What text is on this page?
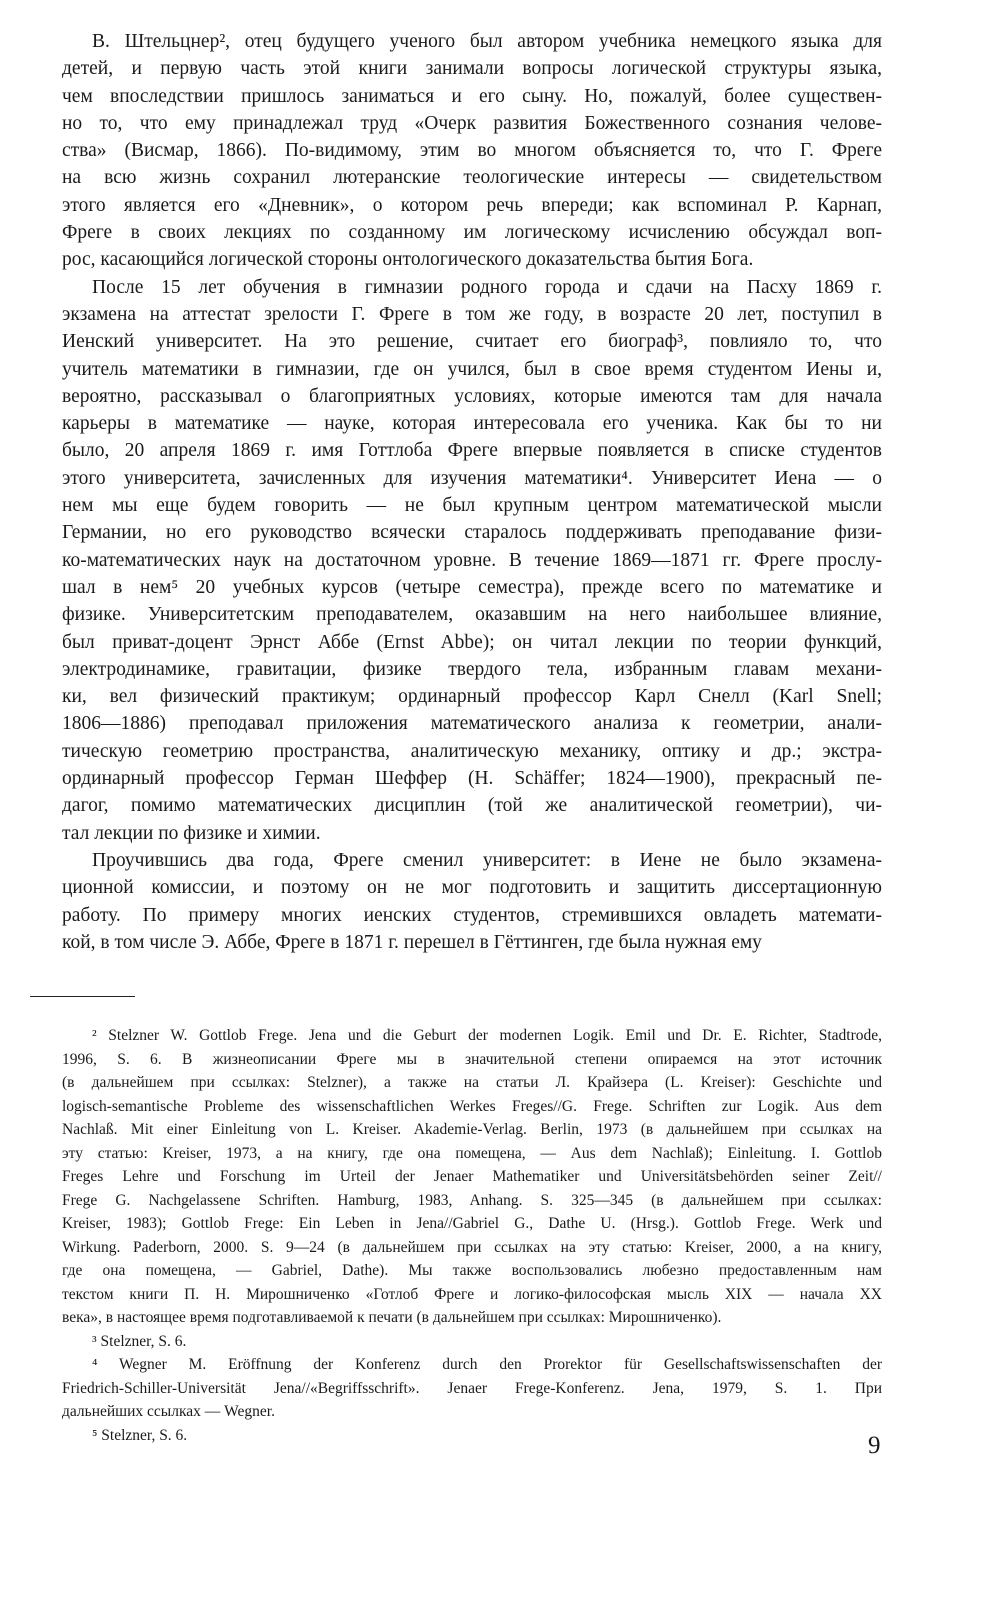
В. Штельцнер², отец будущего ученого был автором учебника немецкого языка для
детей, и первую часть этой книги занимали вопросы логической структуры языка,
чем впоследствии пришлось заниматься и его сыну. Но, пожалуй, более существен-
но то, что ему принадлежал труд «Очерк развития Божественного сознания челове-
ства» (Висмар, 1866). По-видимому, этим во многом объясняется то, что Г. Фреге
на всю жизнь сохранил лютеранские теологические интересы — свидетельством
этого является его «Дневник», о котором речь впереди; как вспоминал Р. Карнап,
Фреге в своих лекциях по созданному им логическому исчислению обсуждал воп-
рос, касающийся логической стороны онтологического доказательства бытия Бога.
После 15 лет обучения в гимназии родного города и сдачи на Пасху 1869 г.
экзамена на аттестат зрелости Г. Фреге в том же году, в возрасте 20 лет, поступил в
Иенский университет. На это решение, считает его биограф³, повлияло то, что
учитель математики в гимназии, где он учился, был в свое время студентом Иены и,
вероятно, рассказывал о благоприятных условиях, которые имеются там для начала
карьеры в математике — науке, которая интересовала его ученика. Как бы то ни
было, 20 апреля 1869 г. имя Готтлоба Фреге впервые появляется в списке студентов
этого университета, зачисленных для изучения математики⁴. Университет Иена — о
нем мы еще будем говорить — не был крупным центром математической мысли
Германии, но его руководство всячески старалось поддерживать преподавание физи-
ко-математических наук на достаточном уровне. В течение 1869—1871 гг. Фреге прослу-
шал в нем⁵ 20 учебных курсов (четыре семестра), прежде всего по математике и
физике. Университетским преподавателем, оказавшим на него наибольшее влияние,
был приват-доцент Эрнст Аббе (Ernst Abbe); он читал лекции по теории функций,
электродинамике, гравитации, физике твердого тела, избранным главам механи-
ки, вел физический практикум; ординарный профессор Карл Снелл (Karl Snell;
1806—1886) преподавал приложения математического анализа к геометрии, анали-
тическую геометрию пространства, аналитическую механику, оптику и др.; экстра-
ординарный профессор Герман Шеффер (H. Schäffer; 1824—1900), прекрасный пе-
дагог, помимо математических дисциплин (той же аналитической геометрии), чи-
тал лекции по физике и химии.
Проучившись два года, Фреге сменил университет: в Иене не было экзамена-
ционной комиссии, и поэтому он не мог подготовить и защитить диссертационную
работу. По примеру многих иенских студентов, стремившихся овладеть математи-
кой, в том числе Э. Аббе, Фреге в 1871 г. перешел в Гёттинген, где была нужная ему
² Stelzner W. Gottlob Frege. Jena und die Geburt der modernen Logik. Emil und Dr. E. Richter, Stadtrode,
1996, S. 6. В жизнеописании Фреге мы в значительной степени опираемся на этот источник
(в дальнейшем при ссылках: Stelzner), а также на статьи Л. Крайзера (L. Kreiser): Geschichte und
logisch-semantische Probleme des wissenschaftlichen Werkes Freges//G. Frege. Schriften zur Logik. Aus dem
Nachlaß. Mit einer Einleitung von L. Kreiser. Akademie-Verlag. Berlin, 1973 (в дальнейшем при ссылках на
эту статью: Kreiser, 1973, а на книгу, где она помещена, — Aus dem Nachlaß); Einleitung. I. Gottlob
Freges Lehre und Forschung im Urteil der Jenaer Mathematiker und Universitätsbehörden seiner Zeit//
Frege G. Nachgelassene Schriften. Hamburg, 1983, Anhang. S. 325—345 (в дальнейшем при ссылках:
Kreiser, 1983); Gottlob Frege: Ein Leben in Jena//Gabriel G., Dathe U. (Hrsg.). Gottlob Frege. Werk und
Wirkung. Paderborn, 2000. S. 9—24 (в дальнейшем при ссылках на эту статью: Kreiser, 2000, а на книгу,
где она помещена, — Gabriel, Dathe). Мы также воспользовались любезно предоставленным нам
текстом книги П. Н. Мирошниченко «Готлоб Фреге и логико-философская мысль XIX — начала XX
века», в настоящее время подготавливаемой к печати (в дальнейшем при ссылках: Мирошниченко).
³ Stelzner, S. 6.
⁴ Wegner M. Eröffnung der Konferenz durch den Prorektor für Gesellschaftswissenschaften der
Friedrich-Schiller-Universität Jena//«Begriffsschrift». Jenaer Frege-Konferenz. Jena, 1979, S. 1. При
дальнейших ссылках — Wegner.
⁵ Stelzner, S. 6.	9
